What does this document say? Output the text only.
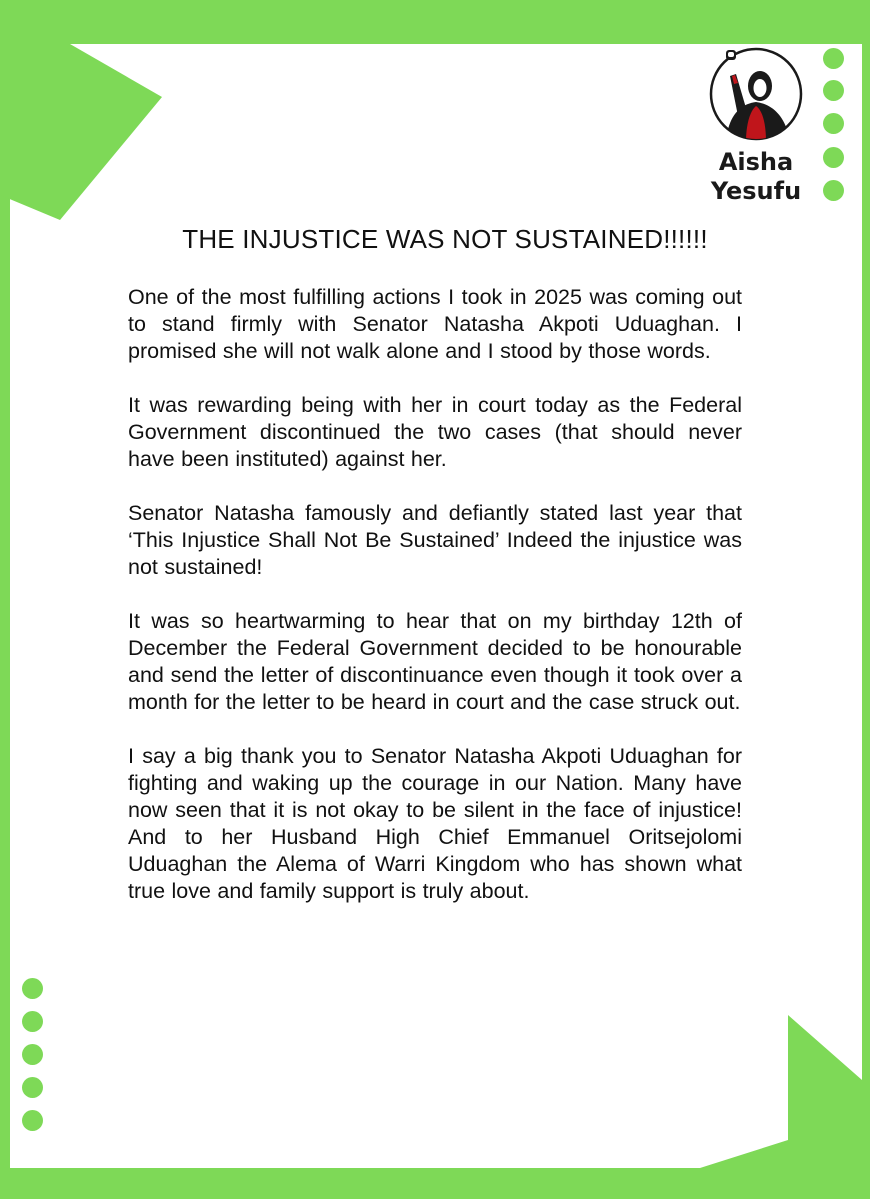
Aisha
Yesufu
THE INJUSTICE WAS NOT SUSTAINED!!!!!!

One of the most fulfilling actions I took in 2025 was coming out to stand firmly with Senator Natasha Akpoti Uduaghan. I promised she will not walk alone and I stood by those words.

It was rewarding being with her in court today as the Federal Government discontinued the two cases (that should never have been instituted) against her.

Senator Natasha famously and defiantly stated last year that ‘This Injustice Shall Not Be Sustained’ Indeed the injustice was not sustained!

It was so heartwarming to hear that on my birthday 12th of December the Federal Government decided to be honourable and send the letter of discontinuance even though it took over a month for the letter to be heard in court and the case struck out.

I say a big thank you to Senator Natasha Akpoti Uduaghan for fighting and waking up the courage in our Nation. Many have now seen that it is not okay to be silent in the face of injustice! And to her Husband High Chief Emmanuel Oritsejolomi Uduaghan the Alema of Warri Kingdom who has shown what true love and family support is truly about.
